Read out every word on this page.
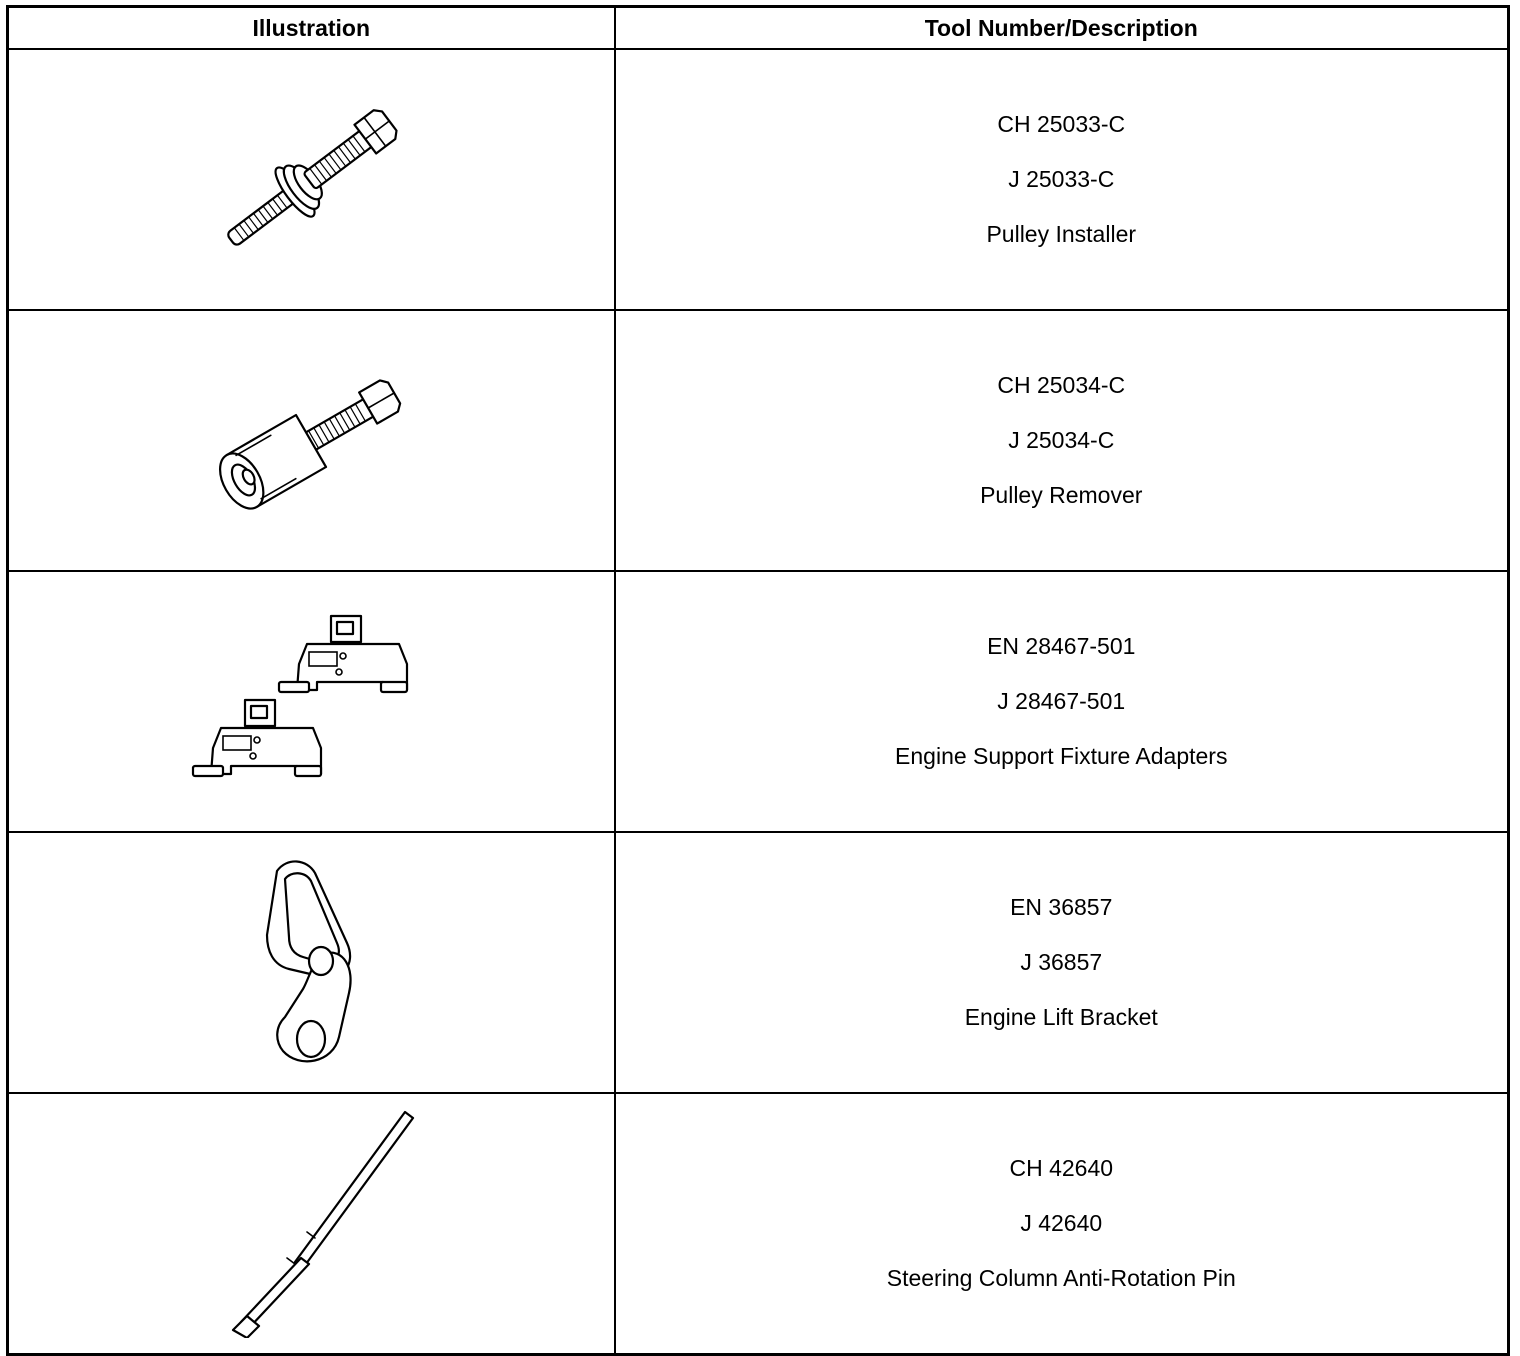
Illustration	Tool Number/Description

CH 25033-C
J 25033-C
Pulley Installer

CH 25034-C
J 25034-C
Pulley Remover

EN 28467-501
J 28467-501
Engine Support Fixture Adapters

EN 36857
J 36857
Engine Lift Bracket

CH 42640
J 42640
Steering Column Anti-Rotation Pin
